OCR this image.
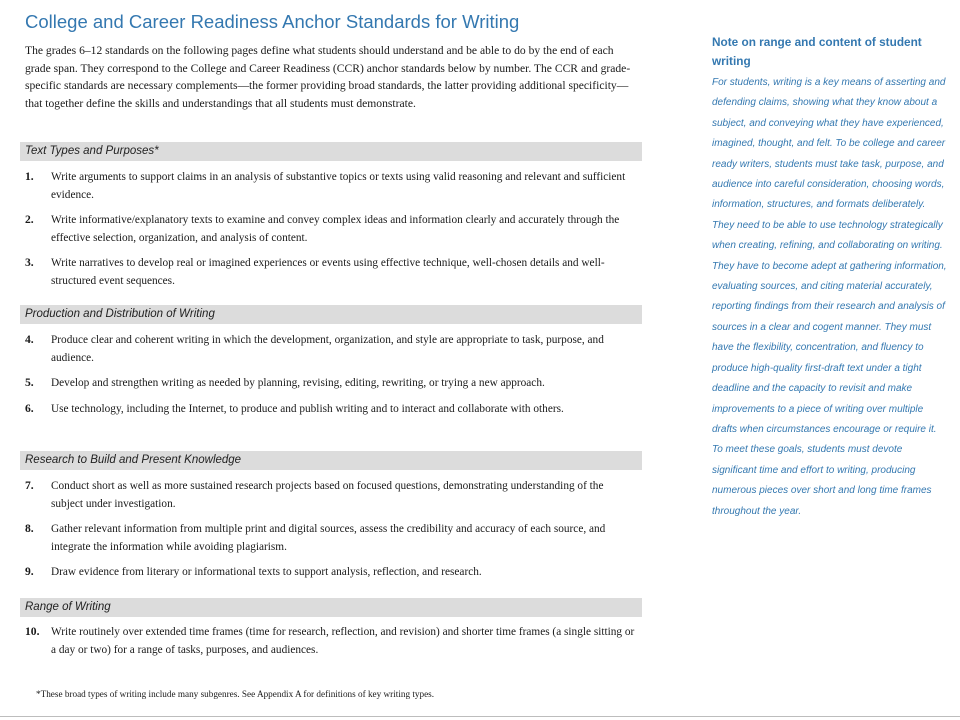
College and Career Readiness Anchor Standards for Writing

The grades 6–12 standards on the following pages define what students should understand and be able to do by the end of each grade span. They correspond to the College and Career Readiness (CCR) anchor standards below by number. The CCR and grade-specific standards are necessary complements—the former providing broad standards, the latter providing additional specificity—that together define the skills and understandings that all students must demonstrate.

Text Types and Purposes*
1.	Write arguments to support claims in an analysis of substantive topics or texts using valid reasoning and relevant and sufficient evidence.
2.	Write informative/explanatory texts to examine and convey complex ideas and information clearly and accurately through the effective selection, organization, and analysis of content.
3.	Write narratives to develop real or imagined experiences or events using effective technique, well-chosen details and well-structured event sequences.
Production and Distribution of Writing
4.	Produce clear and coherent writing in which the development, organization, and style are appropriate to task, purpose, and audience.
5.	Develop and strengthen writing as needed by planning, revising, editing, rewriting, or trying a new approach.
6.	Use technology, including the Internet, to produce and publish writing and to interact and collaborate with others.
Research to Build and Present Knowledge
7.	Conduct short as well as more sustained research projects based on focused questions, demonstrating understanding of the subject under investigation.
8.	Gather relevant information from multiple print and digital sources, assess the credibility and accuracy of each source, and integrate the information while avoiding plagiarism.
9.	Draw evidence from literary or informational texts to support analysis, reflection, and research.
Range of Writing
10.	Write routinely over extended time frames (time for research, reflection, and revision) and shorter time frames (a single sitting or a day or two) for a range of tasks, purposes, and audiences.

*These broad types of writing include many subgenres. See Appendix A for definitions of key writing types.

Note on range and content of student writing

For students, writing is a key means of asserting and defending claims, showing what they know about a subject, and conveying what they have experienced, imagined, thought, and felt. To be college and career ready writers, students must take task, purpose, and audience into careful consideration, choosing words, information, structures, and formats deliberately. They need to be able to use technology strategically when creating, refining, and collaborating on writing. They have to become adept at gathering information, evaluating sources, and citing material accurately, reporting findings from their research and analysis of sources in a clear and cogent manner. They must have the flexibility, concentration, and fluency to produce high-quality first-draft text under a tight deadline and the capacity to revisit and make improvements to a piece of writing over multiple drafts when circumstances encourage or require it. To meet these goals, students must devote significant time and effort to writing, producing numerous pieces over short and long time frames throughout the year.
